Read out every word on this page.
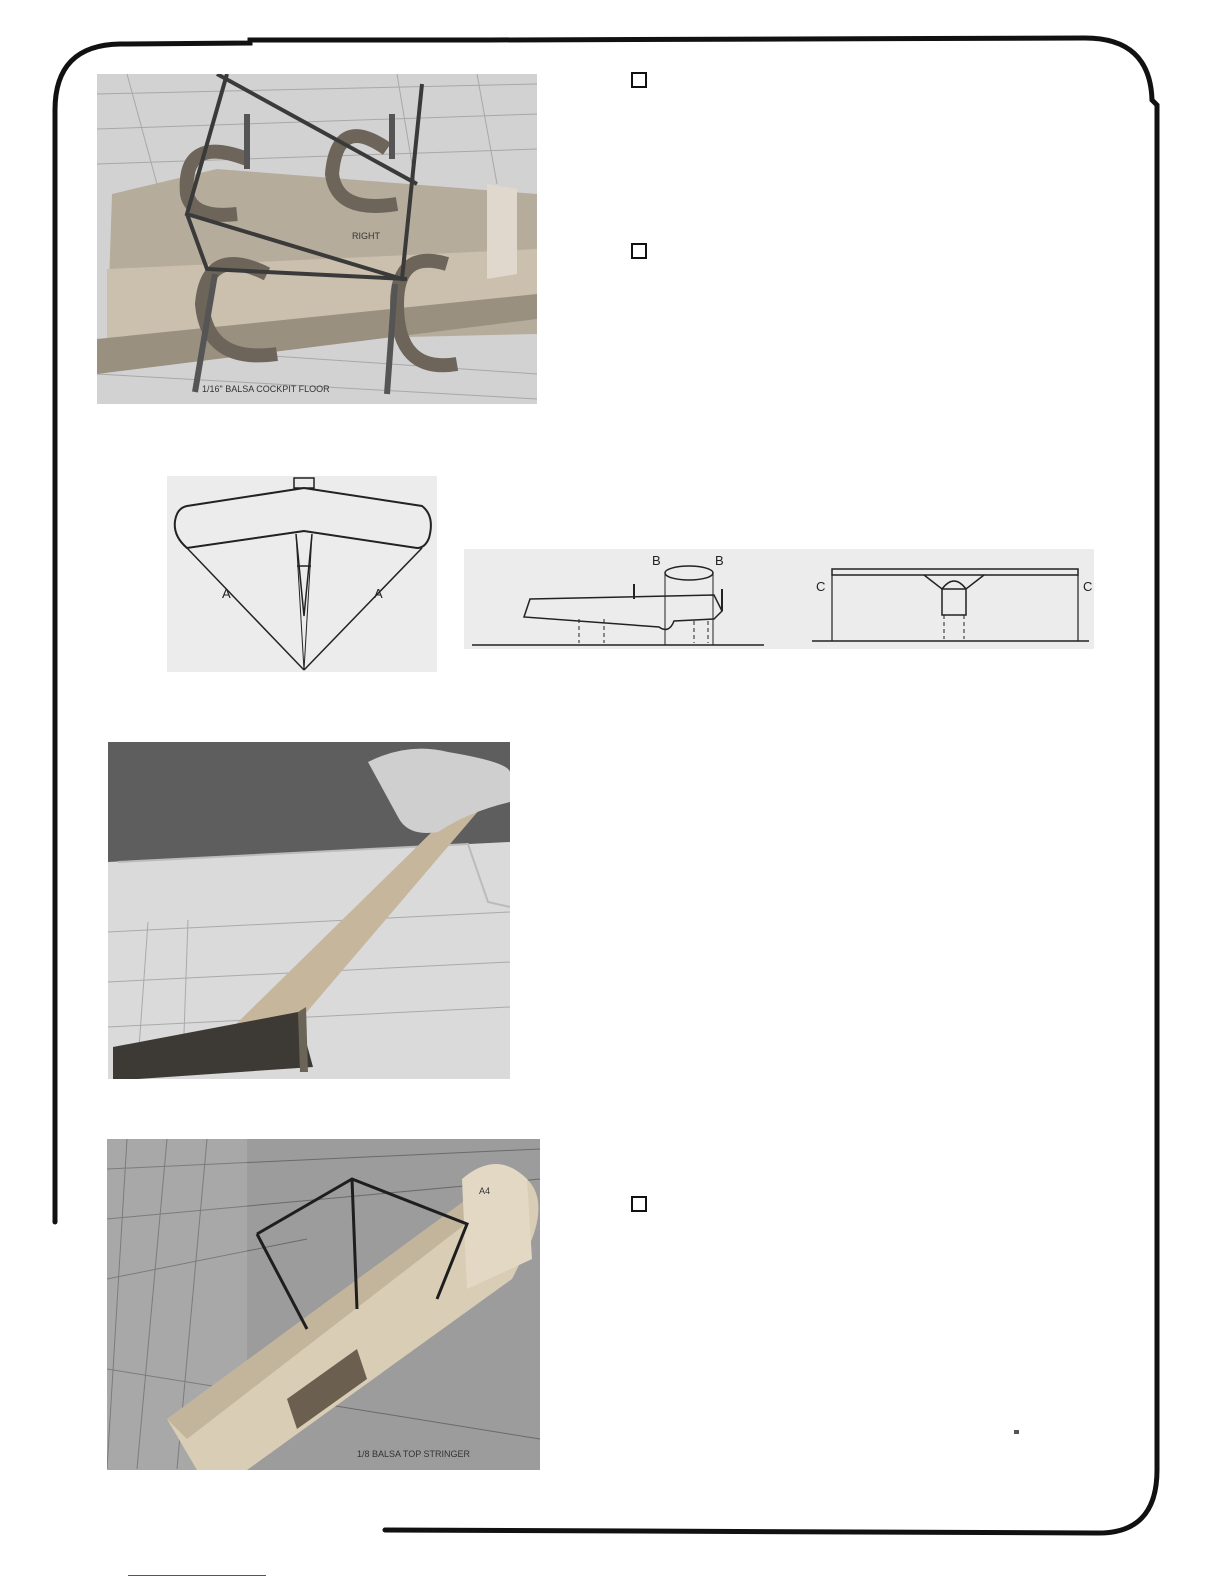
RIGHT
1/16" BALSA COCKPIT FLOOR
A	A
B	B
C	C
A4
1/8 BALSA TOP STRINGER
